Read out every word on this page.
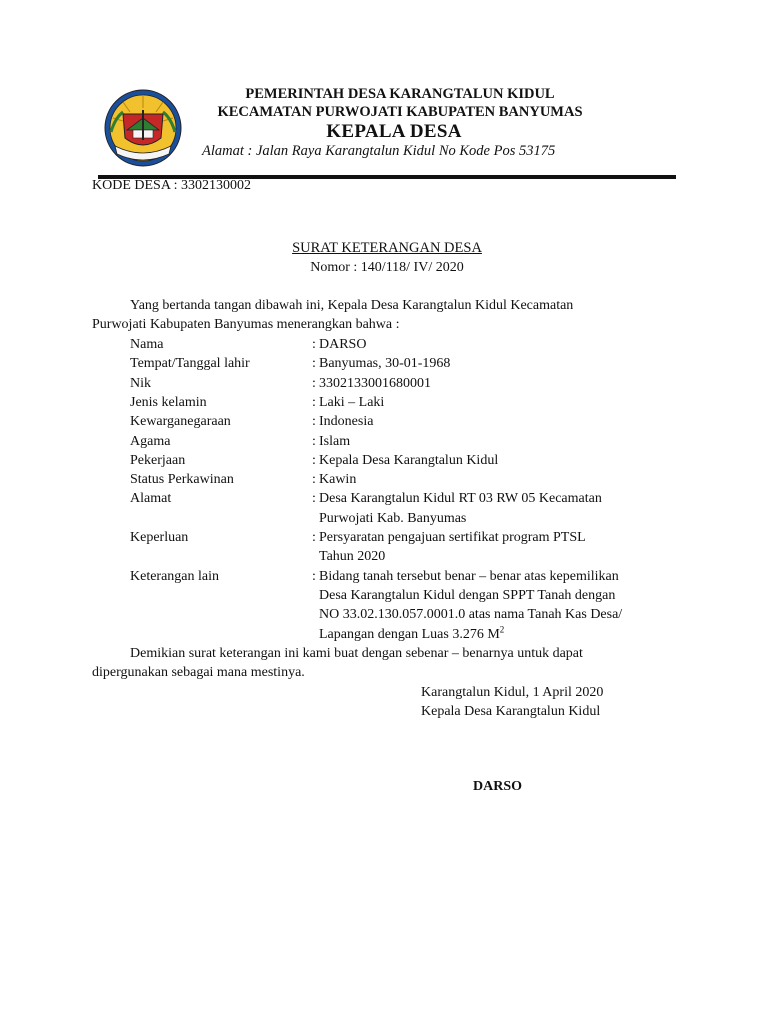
PEMERINTAH DESA KARANGTALUN KIDUL
KECAMATAN PURWOJATI KABUPATEN BANYUMAS
KEPALA DESA
Alamat : Jalan Raya Karangtalun Kidul No Kode Pos 53175
KODE DESA : 3302130002
SURAT KETERANGAN DESA
Nomor : 140/118/ IV/ 2020
Yang bertanda tangan dibawah ini, Kepala Desa Karangtalun Kidul Kecamatan
Purwojati Kabupaten Banyumas menerangkan bahwa :
Nama	: DARSO
Tempat/Tanggal lahir	: Banyumas, 30-01-1968
Nik	: 3302133001680001
Jenis kelamin	: Laki – Laki
Kewarganegaraan	: Indonesia
Agama	: Islam
Pekerjaan	: Kepala Desa Karangtalun Kidul
Status Perkawinan	: Kawin
Alamat	: Desa Karangtalun Kidul RT 03 RW 05 Kecamatan
Purwojati Kab. Banyumas
Keperluan	: Persyaratan pengajuan sertifikat program PTSL
Tahun 2020
Keterangan lain	: Bidang tanah tersebut benar – benar atas kepemilikan
Desa Karangtalun Kidul dengan SPPT Tanah dengan
NO 33.02.130.057.0001.0 atas nama Tanah Kas Desa/
Lapangan dengan Luas 3.276 $M^2$
Demikian surat keterangan ini kami buat dengan sebenar – benarnya untuk dapat
dipergunakan sebagai mana mestinya.
Karangtalun Kidul, 1 April 2020
Kepala Desa Karangtalun Kidul
DARSO
